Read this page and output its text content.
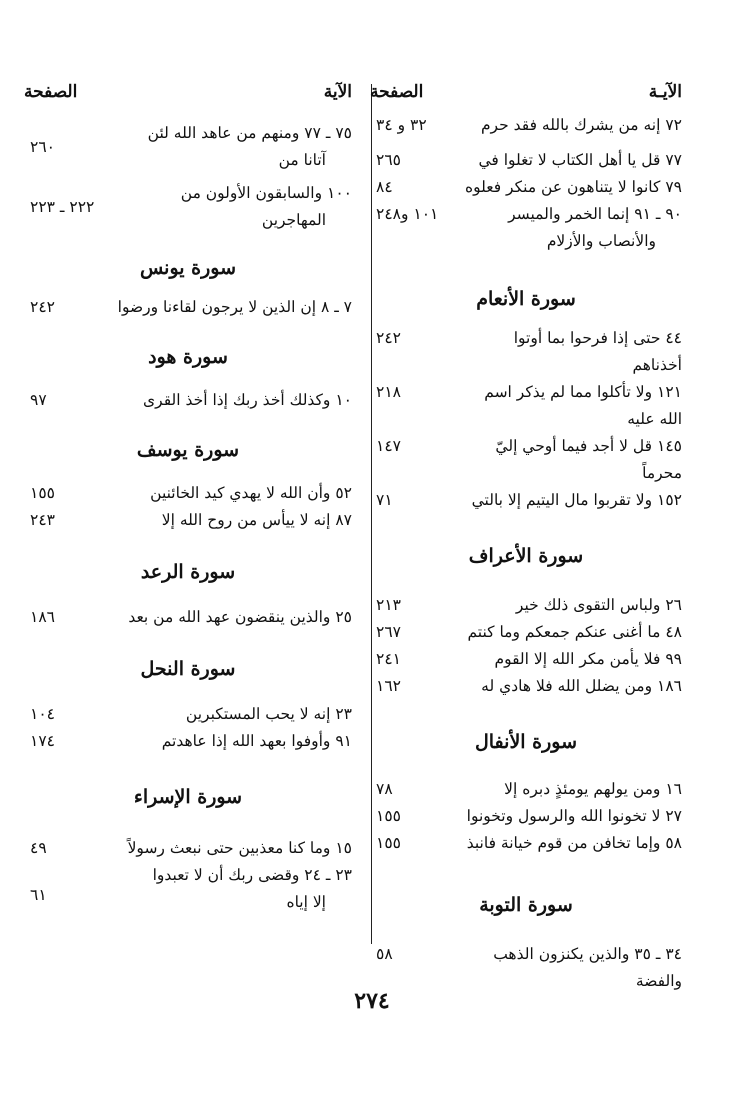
الآيـة
الصفحة
٧٢ إنه من يشرك بالله فقد حرم
٣٢ و ٣٤
٧٧ قل يا أهل الكتاب لا تغلوا في
٢٦٥
٧٩ كانوا لا يتناهون عن منكر فعلوه
٨٤
٩٠ ـ ٩١ إنما الخمر والميسر
١٠١ و٢٤٨
والأنصاب والأزلام
سورة الأنعام
٤٤ حتى إذا فرحوا بما أوتوا أخذناهم
٢٤٢
١٢١ ولا تأكلوا مما لم يذكر اسم الله عليه
٢١٨
١٤٥ قل لا أجد فيما أوحي إليّ محرماً
١٤٧
١٥٢ ولا تقربوا مال اليتيم إلا بالتي
٧١
سورة الأعراف
٢٦ ولباس التقوى ذلك خير
٢١٣
٤٨ ما أغنى عنكم جمعكم وما كنتم
٢٦٧
٩٩ فلا يأمن مكر الله إلا القوم
٢٤١
١٨٦ ومن يضلل الله فلا هادي له
١٦٢
سورة الأنفال
١٦ ومن يولهم يومئذٍ دبره إلا
٧٨
٢٧ لا تخونوا الله والرسول وتخونوا
١٥٥
٥٨ وإما تخافن من قوم خيانة فانبذ
١٥٥
سورة التوبة
٣٤ ـ ٣٥ والذين يكنزون الذهب والفضة
٥٨
الآية
الصفحة
٧٥ ـ ٧٧ ومنهم من عاهد الله لئن
٢٦٠
آتانا من
١٠٠ والسابقون الأولون من
٢٢٢ ـ ٢٢٣
المهاجرين
سورة يونس
٧ ـ ٨ إن الذين لا يرجون لقاءنا ورضوا
٢٤٢
سورة هود
١٠ وكذلك أخذ ربك إذا أخذ القرى
٩٧
سورة يوسف
٥٢ وأن الله لا يهدي كيد الخائنين
١٥٥
٨٧ إنه لا ييأس من روح الله إلا
٢٤٣
سورة الرعد
٢٥ والذين ينقضون عهد الله من بعد
١٨٦
سورة النحل
٢٣ إنه لا يحب المستكبرين
١٠٤
٩١ وأوفوا بعهد الله إذا عاهدتم
١٧٤
سورة الإسراء
١٥ وما كنا معذبين حتى نبعث رسولاً
٤٩
٢٣ ـ ٢٤ وقضى ربك أن لا تعبدوا
٦١	إلا إياه
٢٧٤
